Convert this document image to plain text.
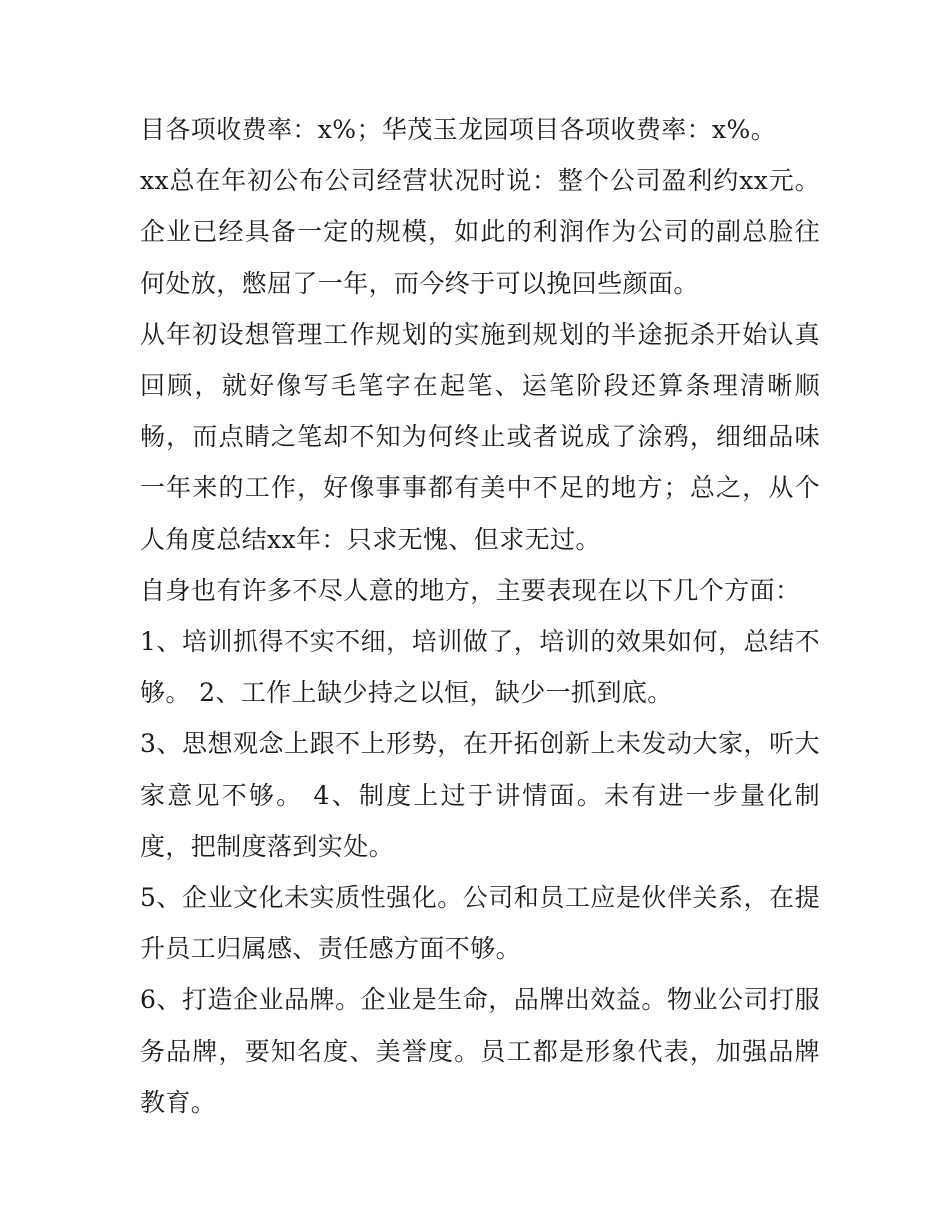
目各项收费率：x%；华茂玉龙园项目各项收费率：x%。

xx总在年初公布公司经营状况时说：整个公司盈利约xx元。企业已经具备一定的规模，如此的利润作为公司的副总脸往何处放，憋屈了一年，而今终于可以挽回些颜面。

从年初设想管理工作规划的实施到规划的半途扼杀开始认真回顾，就好像写毛笔字在起笔、运笔阶段还算条理清晰顺畅，而点睛之笔却不知为何终止或者说成了涂鸦，细细品味一年来的工作，好像事事都有美中不足的地方；总之，从个人角度总结xx年：只求无愧、但求无过。

自身也有许多不尽人意的地方，主要表现在以下几个方面：

1、培训抓得不实不细，培训做了，培训的效果如何，总结不够。 2、工作上缺少持之以恒，缺少一抓到底。

3、思想观念上跟不上形势，在开拓创新上未发动大家，听大家意见不够。 4、制度上过于讲情面。未有进一步量化制度，把制度落到实处。

5、企业文化未实质性强化。公司和员工应是伙伴关系，在提升员工归属感、责任感方面不够。

6、打造企业品牌。企业是生命，品牌出效益。物业公司打服务品牌，要知名度、美誉度。员工都是形象代表，加强品牌教育。
